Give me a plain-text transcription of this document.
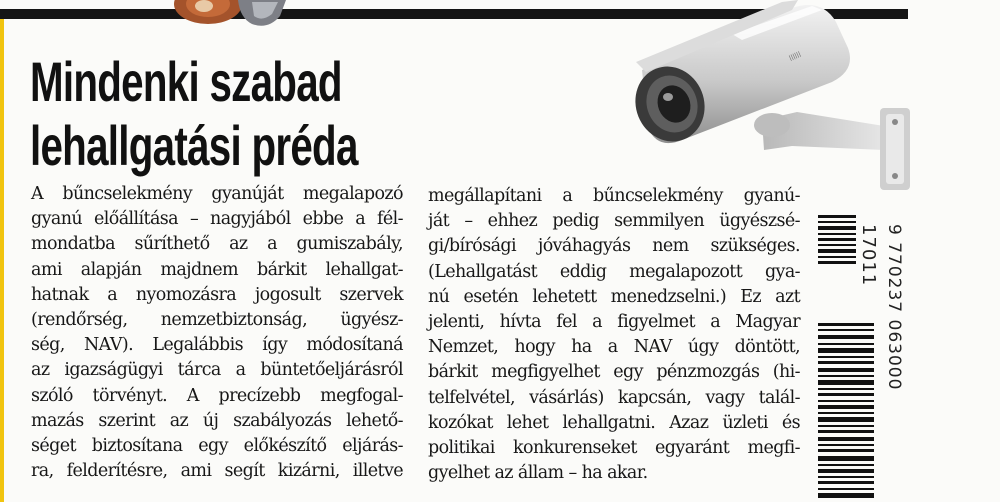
||||||
Mindenki szabad
lehallgatási préda
A bűncselekmény gyanúját megalapozó
gyanú előállítása – nagyjából ebbe a fél-
mondatba sűríthető az a gumiszabály,
ami alapján majdnem bárkit lehallgat-
hatnak a nyomozásra jogosult szervek
(rendőrség, nemzetbiztonság, ügyész-
ség, NAV). Legalábbis így módosítaná
az igazságügyi tárca a büntetőeljárásról
szóló törvényt. A precízebb megfogal-
mazás szerint az új szabályozás lehető-
séget biztosítana egy előkészítő eljárás-
ra, felderítésre, ami segít kizárni, illetve
megállapítani a bűncselekmény gyanú-
ját – ehhez pedig semmilyen ügyészsé-
gi/bírósági jóváhagyás nem szükséges.
(Lehallgatást eddig megalapozott gya-
nú esetén lehetett menedzselni.) Ez azt
jelenti, hívta fel a figyelmet a Magyar
Nemzet, hogy ha a NAV úgy döntött,
bárkit megfigyelhet egy pénzmozgás (hi-
telfelvétel, vásárlás) kapcsán, vagy talál-
kozókat lehet lehallgatni. Azaz üzleti és
politikai konkurenseket egyaránt megfi-
gyelhet az állam – ha akar.
17011 9 770237 063000
